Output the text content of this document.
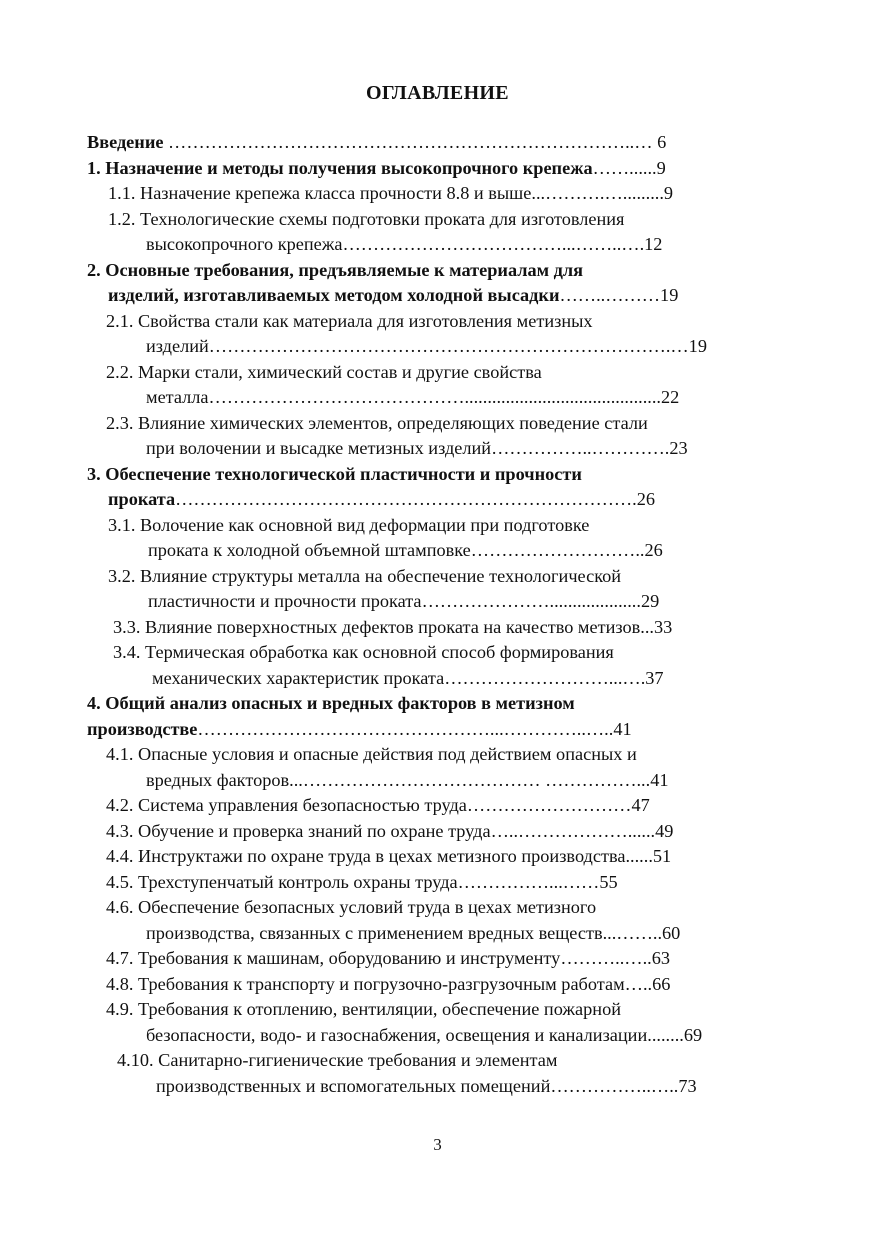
ОГЛАВЛЕНИЕ
Введение …………………………………………………………………..… 6
1. Назначение и методы получения высокопрочного крепежа……......9
1.1. Назначение крепежа класса прочности 8.8 и выше...……….….........9
1.2. Технологические схемы подготовки проката для изготовления
высокопрочного крепежа………………………………...……..….12
2. Основные требования, предъявляемые к материалам для
изделий, изготавливаемых методом холодной высадки……..………19
2.1. Свойства стали как материала для изготовления метизных
изделий………………………………………………………………….…19
2.2. Марки стали, химический состав и другие свойства
металла……………………………………...........................................22
2.3. Влияние химических элементов, определяющих поведение стали
при волочении и высадке метизных изделий……………..………….23
3. Обеспечение технологической пластичности и прочности
проката………………………………………………………………….26
3.1. Волочение как основной вид деформации при подготовке
проката к холодной объемной штамповке………………………..26
3.2. Влияние структуры металла на обеспечение технологической
пластичности и прочности проката…………………....................29
3.3. Влияние поверхностных дефектов проката на качество метизов...33
3.4. Термическая обработка как основной способ формирования
механических характеристик проката………………………...….37
4. Общий анализ опасных и вредных факторов в метизном
производстве…………………………………………...…………..…..41
4.1. Опасные условия и опасные действия под действием опасных и
вредных факторов...………………………………… ……………...41
4.2. Система управления безопасностью труда………………………47
4.3. Обучение и проверка знаний по охране труда…..………………......49
4.4. Инструктажи по охране труда в цехах метизного производства......51
4.5. Трехступенчатый контроль охраны труда……………...……55
4.6. Обеспечение безопасных условий труда в цехах метизного
производства, связанных с применением вредных веществ...……..60
4.7. Требования к машинам, оборудованию и инструменту………..…..63
4.8. Требования к транспорту и погрузочно-разгрузочным работам…..66
4.9. Требования к отоплению, вентиляции, обеспечение пожарной
безопасности, водо- и газоснабжения, освещения и канализации........69
4.10. Санитарно-гигиенические требования и элементам
производственных и вспомогательных помещений……………..…..73
3
